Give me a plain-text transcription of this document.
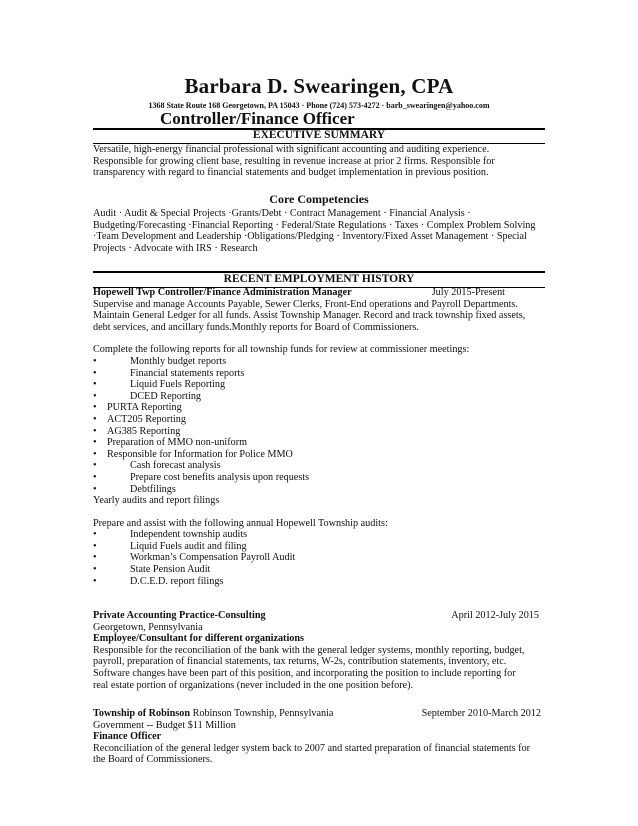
Barbara D. Swearingen, CPA
1368 State Route 168 Georgetown, PA 15043 · Phone (724) 573-4272 · barb_swearingen@yahoo.com
Controller/Finance Officer
EXECUTIVE SUMMARY
Versatile, high-energy financial professional with significant accounting and auditing experience.
Responsible for growing client base, resulting in revenue increase at prior 2 firms. Responsible for
transparency with regard to financial statements and budget implementation in previous position.
Core Competencies
Audit · Audit & Special Projects ·Grants/Debt · Contract Management · Financial Analysis ·
Budgeting/Forecasting ·Financial Reporting · Federal/State Regulations · Taxes · Complex Problem Solving
·Team Development and Leadership ·Obligations/Pledging · Inventory/Fixed Asset Management · Special
Projects · Advocate with IRS · Research
RECENT EMPLOYMENT HISTORY
Hopewell Twp Controller/Finance Administration Manager	July 2015-Present
Supervise and manage Accounts Payable, Sewer Clerks, Front-End operations and Payroll Departments.
Maintain General Ledger for all funds. Assist Township Manager. Record and track township fixed assets,
debt services, and ancillary funds.Monthly reports for Board of Commissioners.
Complete the following reports for all township funds for review at commissioner meetings:
•	Monthly budget reports
•	Financial statements reports
•	Liquid Fuels Reporting
•	DCED Reporting
•	PURTA Reporting
•	ACT205 Reporting
•	AG385 Reporting
•	Preparation of MMO non-uniform
•	Responsible for Information for Police MMO
•	Cash forecast analysis
•	Prepare cost benefits analysis upon requests
•	Debtfilings
Yearly audits and report filings
Prepare and assist with the following annual Hopewell Township audits:
•	Independent township audits
•	Liquid Fuels audit and filing
•	Workman’s Compensation Payroll Audit
•	State Pension Audit
•	D.C.E.D. report filings
Private Accounting Practice-Consulting	April 2012-July 2015
Georgetown, Pennsylvania
Employee/Consultant for different organizations
Responsible for the reconciliation of the bank with the general ledger systems, monthly reporting, budget,
payroll, preparation of financial statements, tax returns, W-2s, contribution statements, inventory, etc.
Software changes have been part of this position, and incorporating the position to include reporting for
real estate portion of organizations (never included in the one position before).
Township of Robinson Robinson Township, Pennsylvania	September 2010-March 2012
Government -- Budget $11 Million
Finance Officer
Reconciliation of the general ledger system back to 2007 and started preparation of financial statements for
the Board of Commissioners.
